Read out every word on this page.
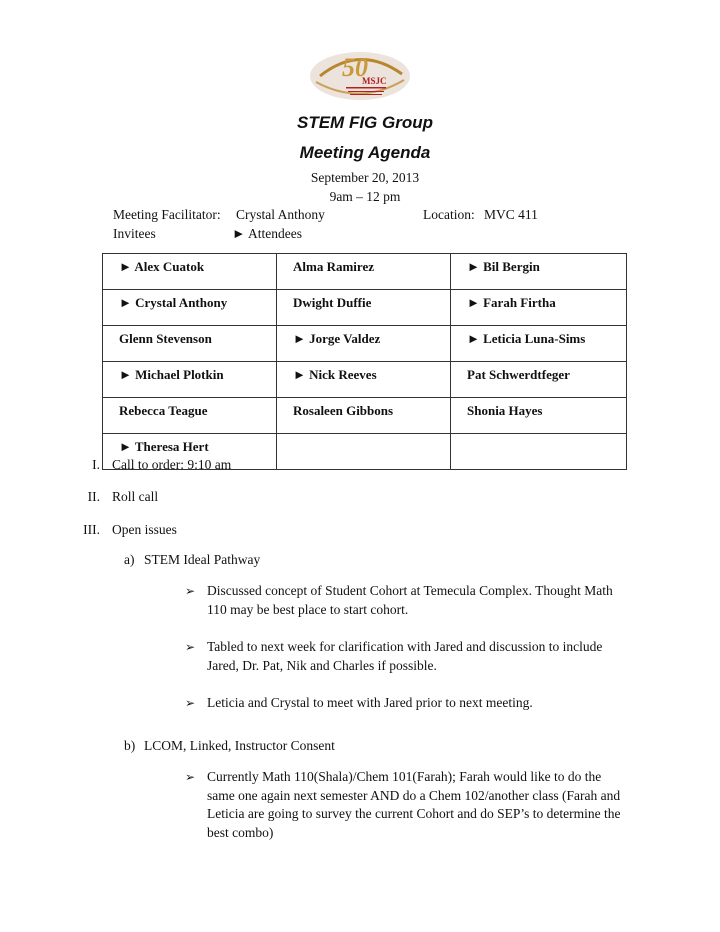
50
MSJC
STEM FIG Group
Meeting Agenda
September 20, 2013
9am – 12 pm
Meeting Facilitator: Crystal Anthony	Location: MVC 411
Invitees	► Attendees
► Alex Cuatok	Alma Ramirez	► Bil Bergin
► Crystal Anthony	Dwight Duffie	► Farah Firtha
Glenn Stevenson	► Jorge Valdez	► Leticia Luna-Sims
► Michael Plotkin	► Nick Reeves	Pat Schwerdtfeger
Rebecca Teague	Rosaleen Gibbons	Shonia Hayes
► Theresa Hert		
I. Call to order: 9:10 am
II. Roll call
III. Open issues
a) STEM Ideal Pathway
➢ Discussed concept of Student Cohort at Temecula Complex. Thought Math 110 may be best place to start cohort.
➢ Tabled to next week for clarification with Jared and discussion to include Jared, Dr. Pat, Nik and Charles if possible.
➢ Leticia and Crystal to meet with Jared prior to next meeting.
b) LCOM, Linked, Instructor Consent
➢ Currently Math 110(Shala)/Chem 101(Farah); Farah would like to do the same one again next semester AND do a Chem 102/another class (Farah and Leticia are going to survey the current Cohort and do SEP’s to determine the best combo)
